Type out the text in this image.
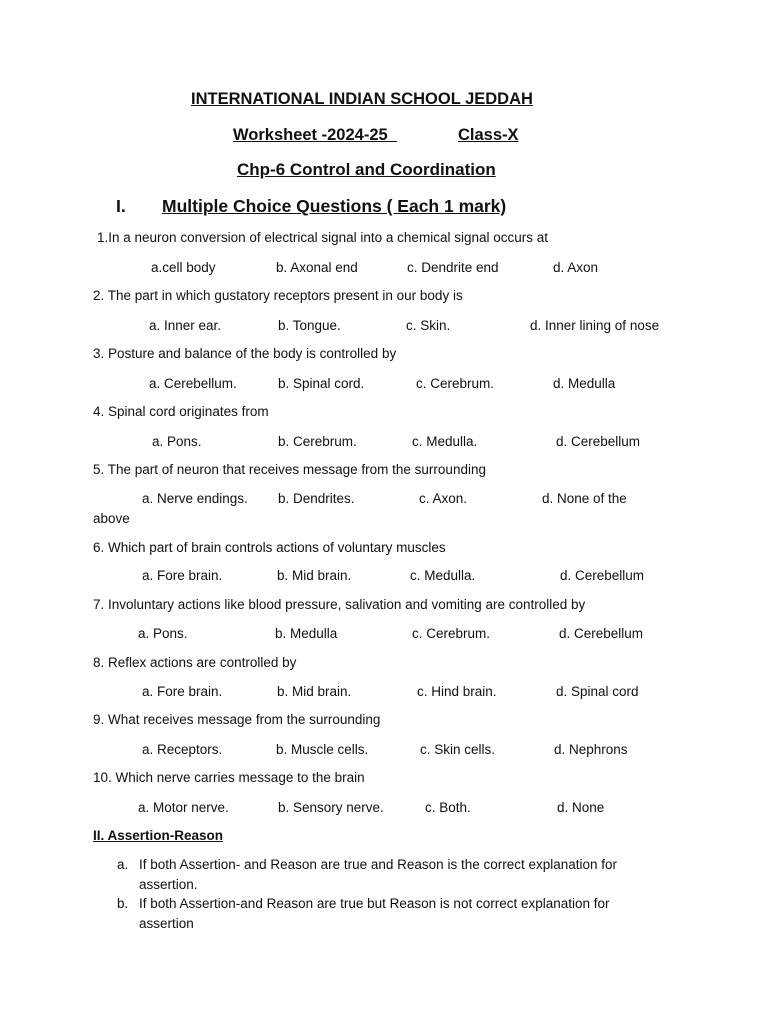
INTERNATIONAL INDIAN SCHOOL JEDDAH
Worksheet -2024-25	Class-X
Chp-6 Control and Coordination
I. Multiple Choice Questions ( Each 1 mark)
1.In a neuron conversion of electrical signal into a chemical signal occurs at
a.cell body	b. Axonal end	c. Dendrite end	d. Axon
2. The part in which gustatory receptors present in our body is
a. Inner ear.	b. Tongue.	c. Skin.	d. Inner lining of nose
3. Posture and balance of the body is controlled by
a. Cerebellum.	b. Spinal cord.	c. Cerebrum.	d. Medulla
4. Spinal cord originates from
a. Pons.	b. Cerebrum.	c. Medulla.	d. Cerebellum
5. The part of neuron that receives message from the surrounding
a. Nerve endings. b. Dendrites.	c. Axon.	d. None of the
above
6. Which part of brain controls actions of voluntary muscles
a. Fore brain.	b. Mid brain.	c. Medulla.	d. Cerebellum
7. Involuntary actions like blood pressure, salivation and vomiting are controlled by
a. Pons.	b. Medulla	c. Cerebrum.	d. Cerebellum
8. Reflex actions are controlled by
a. Fore brain.	b. Mid brain.	c. Hind brain.	d. Spinal cord
9. What receives message from the surrounding
a. Receptors.	b. Muscle cells.	c. Skin cells.	d. Nephrons
10. Which nerve carries message to the brain
a. Motor nerve.	b. Sensory nerve.	c. Both.	d. None
II. Assertion-Reason
a. If both Assertion- and Reason are true and Reason is the correct explanation for
assertion.
b. If both Assertion-and Reason are true but Reason is not correct explanation for
assertion
